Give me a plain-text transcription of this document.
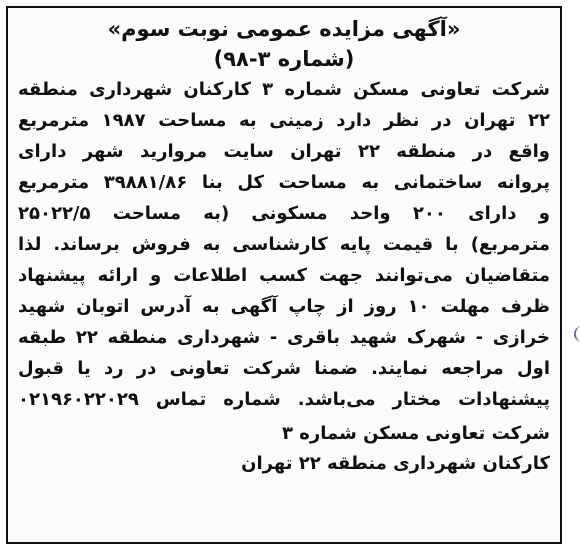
«آگهی مزایده عمومی نوبت سوم»
(شماره ۳-۹۸)
شرکت تعاونی مسکن شماره ۳ کارکنان شهرداری منطقه
۲۲ تهران در نظر دارد زمینی به مساحت ۱۹۸۷ مترمربع
واقع در منطقه ۲۲ تهران سایت مروارید شهر دارای
پروانه ساختمانی به مساحت کل بنا ۳۹۸۸۱/۸۶ مترمربع
و دارای ۲۰۰ واحد مسکونی (به مساحت ۲۵۰۲۲/۵
مترمربع) با قیمت پایه کارشناسی به فروش برساند. لذا
متقاضیان می‌توانند جهت کسب اطلاعات و ارائه پیشنهاد
ظرف مهلت ۱۰ روز از چاپ آگهی به آدرس اتوبان شهید
خرازی - شهرک شهید باقری - شهرداری منطقه ۲۲ طبقه
اول مراجعه نمایند. ضمنا شرکت تعاونی در رد یا قبول
پیشنهادات مختار می‌باشد. شماره تماس ۰۲۱۹۶۰۲۲۰۲۹
شرکت تعاونی مسکن شماره ۳
کارکنان شهرداری منطقه ۲۲ تهران
